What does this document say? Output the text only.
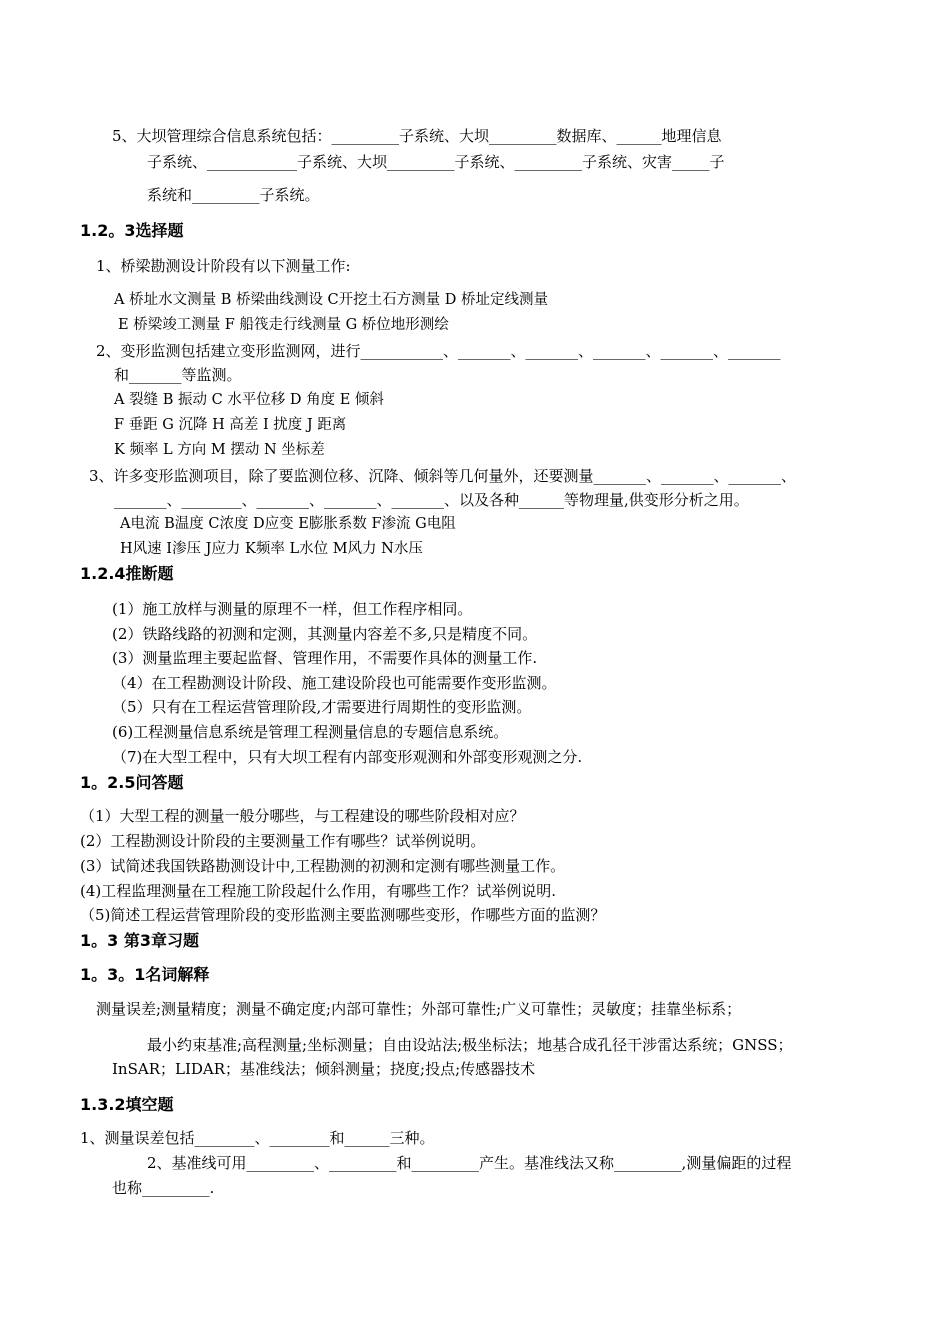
5、大坝管理综合信息系统包括：_________子系统、大坝_________数据库、______地理信息
子系统、____________子系统、大坝_________子系统、_________子系统、灾害_____子
系统和_________子系统。
1.2。3选择题
1、桥梁勘测设计阶段有以下测量工作:
A 桥址水文测量 B 桥梁曲线测设 C开挖土石方测量 D 桥址定线测量
E 桥梁竣工测量 F 船筏走行线测量 G 桥位地形测绘
2、变形监测包括建立变形监测网，进行___________、_______、_______、_______、_______、_______
和_______等监测。
A 裂缝 B 振动 C 水平位移 D 角度 E 倾斜
F 垂距 G 沉降 H 高差 I 扰度 J 距离
K 频率 L 方向 M 摆动 N 坐标差
3、许多变形监测项目，除了要监测位移、沉降、倾斜等几何量外，还要测量_______、_______、_______、
_______、________、_______、_______、_______、以及各种______等物理量,供变形分析之用。
A电流 B温度 C浓度 D应变 E膨胀系数 F渗流 G电阻
H风速 I渗压 J应力 K频率 L水位 M风力 N水压
1.2.4推断题
(1）施工放样与测量的原理不一样，但工作程序相同。
(2）铁路线路的初测和定测，其测量内容差不多,只是精度不同。
(3）测量监理主要起监督、管理作用，不需要作具体的测量工作.
（4）在工程勘测设计阶段、施工建设阶段也可能需要作变形监测。
（5）只有在工程运营管理阶段,才需要进行周期性的变形监测。
(6)工程测量信息系统是管理工程测量信息的专题信息系统。
（7)在大型工程中，只有大坝工程有内部变形观测和外部变形观测之分.
1。2.5问答题
（1）大型工程的测量一般分哪些，与工程建设的哪些阶段相对应？
(2）工程勘测设计阶段的主要测量工作有哪些？试举例说明。
(3）试简述我国铁路勘测设计中,工程勘测的初测和定测有哪些测量工作。
(4)工程监理测量在工程施工阶段起什么作用，有哪些工作？试举例说明.
（5)简述工程运营管理阶段的变形监测主要监测哪些变形，作哪些方面的监测？
1。3 第3章习题
1。3。1名词解释
测量误差;测量精度；测量不确定度;内部可靠性；外部可靠性;广义可靠性；灵敏度；挂靠坐标系；
最小约束基准;高程测量;坐标测量；自由设站法;极坐标法；地基合成孔径干涉雷达系统；GNSS；
InSAR；LIDAR；基准线法；倾斜测量；挠度;投点;传感器技术
1.3.2填空题
1、测量误差包括________、________和______三种。
2、基准线可用_________、_________和_________产生。基准线法又称_________,测量偏距的过程
也称_________.
